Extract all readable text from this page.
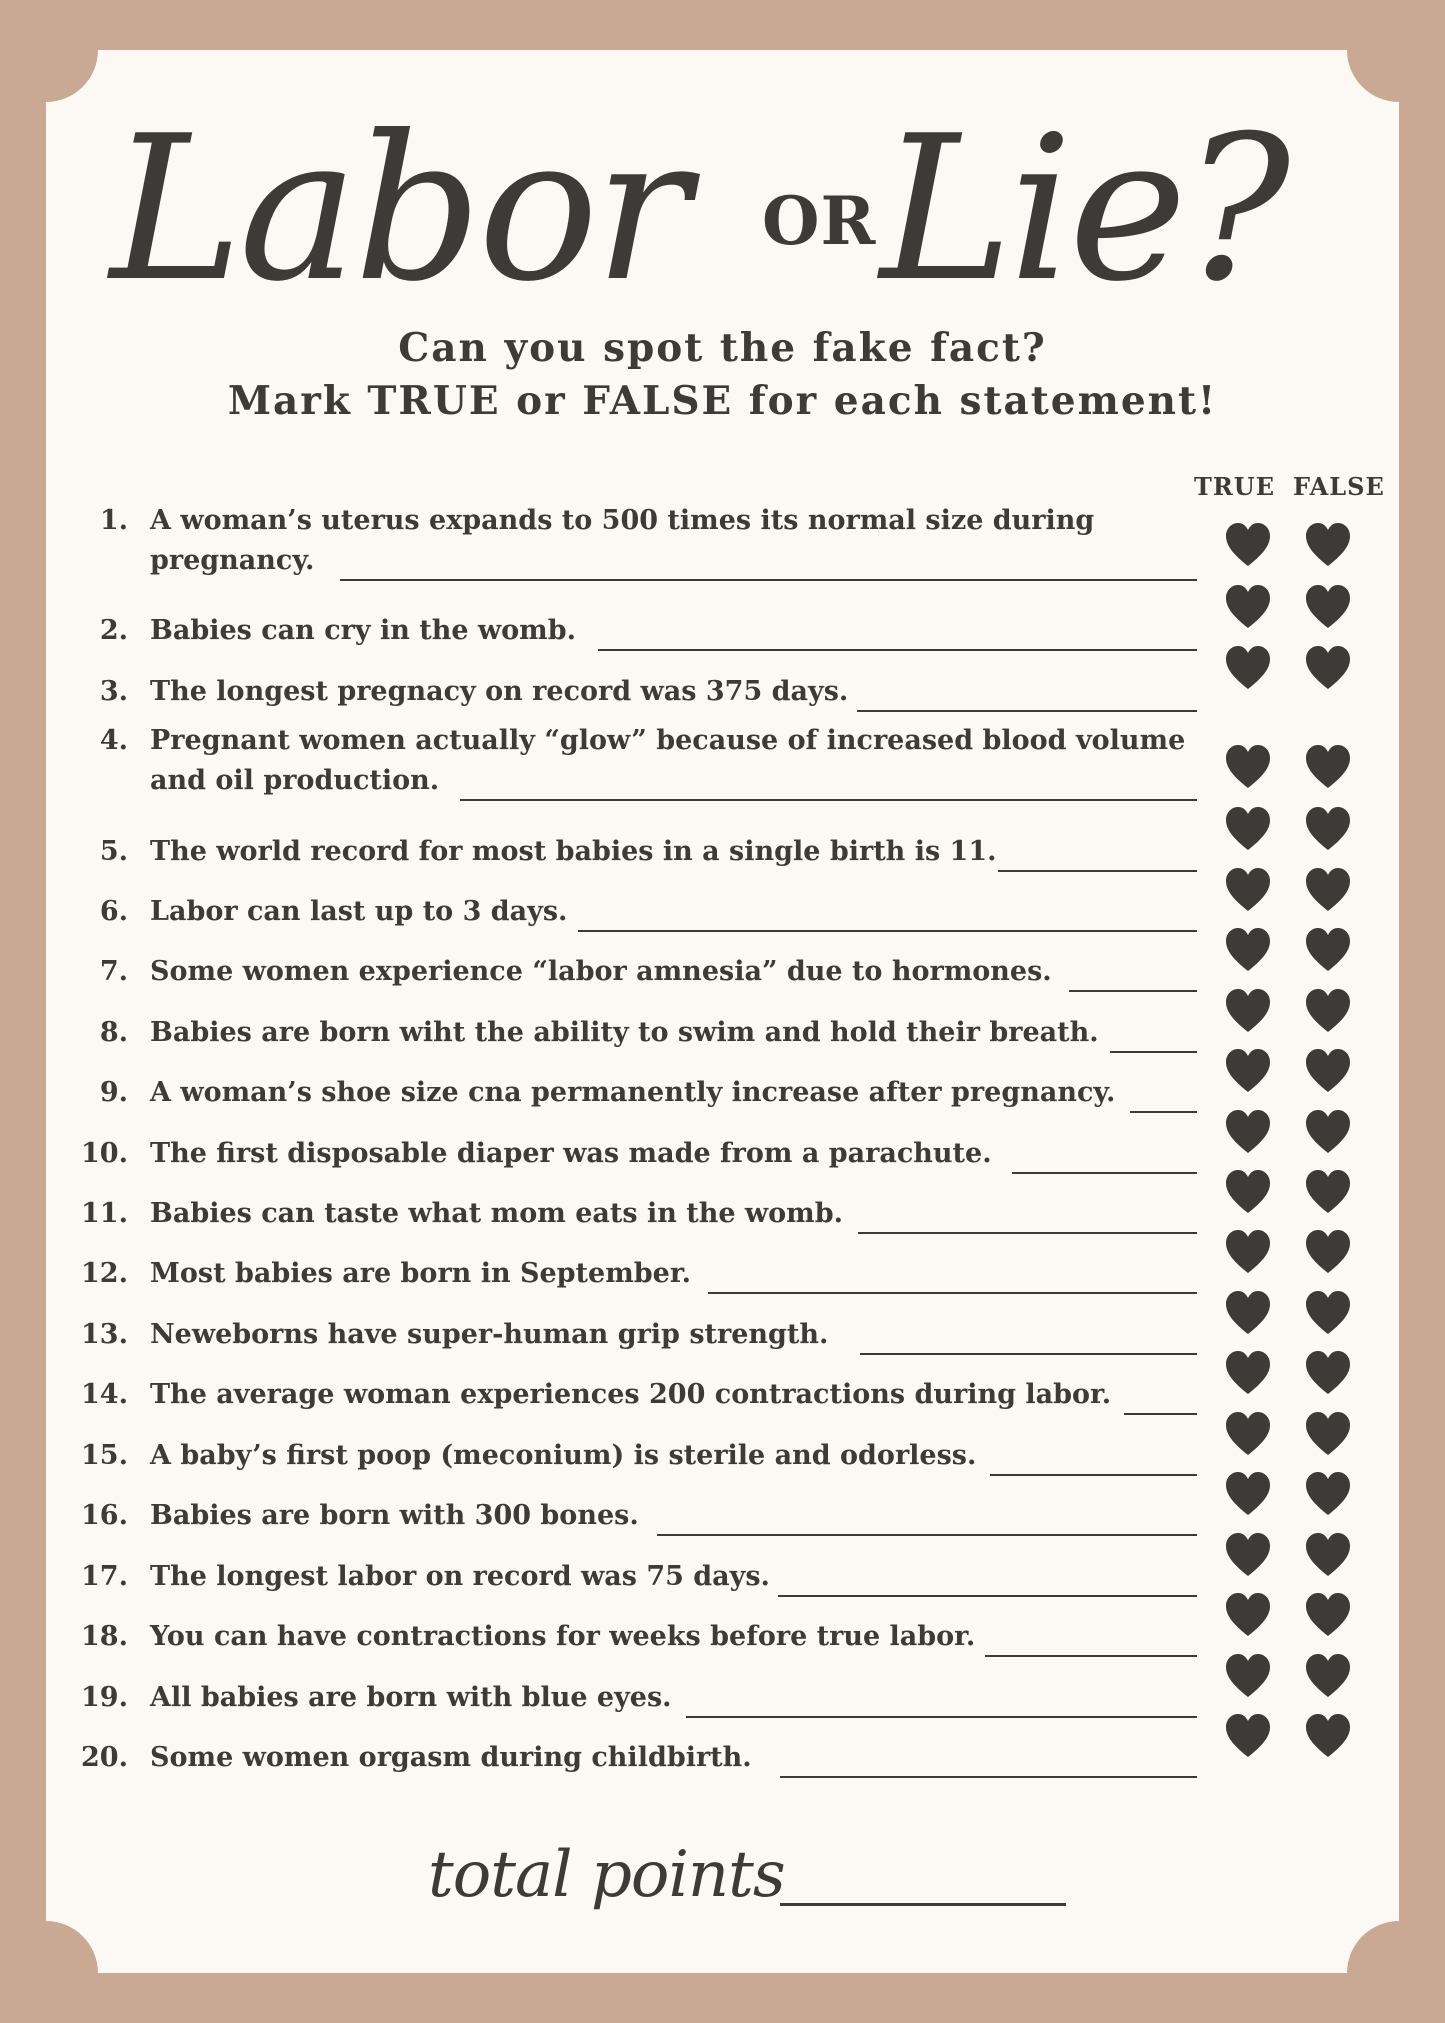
Labor OR Lie?
Can you spot the fake fact?
Mark TRUE or FALSE for each statement!
TRUE FALSE
1. A woman’s uterus expands to 500 times its normal size during
pregnancy.
2. Babies can cry in the womb.
3. The longest pregnacy on record was 375 days.
4. Pregnant women actually “glow” because of increased blood volume
and oil production.
5. The world record for most babies in a single birth is 11.
6. Labor can last up to 3 days.
7. Some women experience “labor amnesia” due to hormones.
8. Babies are born wiht the ability to swim and hold their breath.
9. A woman’s shoe size cna permanently increase after pregnancy.
10. The first disposable diaper was made from a parachute.
11. Babies can taste what mom eats in the womb.
12. Most babies are born in September.
13. Neweborns have super-human grip strength.
14. The average woman experiences 200 contractions during labor.
15. A baby’s first poop (meconium) is sterile and odorless.
16. Babies are born with 300 bones.
17. The longest labor on record was 75 days.
18. You can have contractions for weeks before true labor.
19. All babies are born with blue eyes.
20. Some women orgasm during childbirth.
total points
